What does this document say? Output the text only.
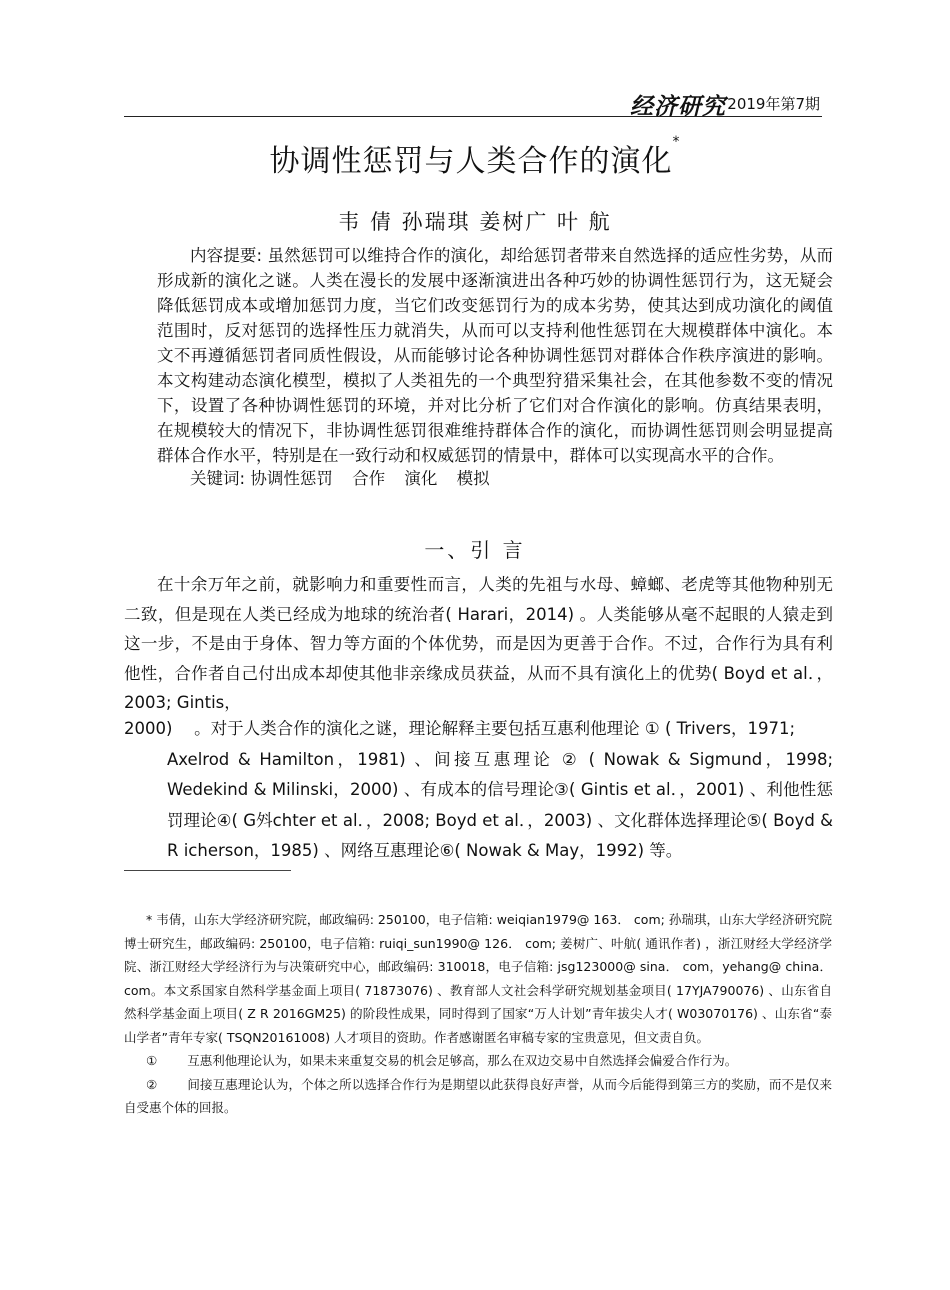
经济研究 2019年第7期
协调性惩罚与人类合作的演化*
韦 倩 孙瑞琪 姜树广 叶 航

内容提要: 虽然惩罚可以维持合作的演化，却给惩罚者带来自然选择的适应性劣势，从而形成新的演化之谜。人类在漫长的发展中逐渐演进出各种巧妙的协调性惩罚行为，这无疑会降低惩罚成本或增加惩罚力度，当它们改变惩罚行为的成本劣势，使其达到成功演化的阈值范围时，反对惩罚的选择性压力就消失，从而可以支持利他性惩罚在大规模群体中演化。本文不再遵循惩罚者同质性假设，从而能够讨论各种协调性惩罚对群体合作秩序演进的影响。本文构建动态演化模型，模拟了人类祖先的一个典型狩猎采集社会，在其他参数不变的情况下，设置了各种协调性惩罚的环境，并对比分析了它们对合作演化的影响。仿真结果表明，在规模较大的情况下，非协调性惩罚很难维持群体合作的演化，而协调性惩罚则会明显提高群体合作水平，特别是在一致行动和权威惩罚的情景中，群体可以实现高水平的合作。

关键词: 协调性惩罚 合作 演化 模拟
一、引 言

在十余万年之前，就影响力和重要性而言，人类的先祖与水母、蟑螂、老虎等其他物种别无二致，但是现在人类已经成为地球的统治者( Harari，2014) 。人类能够从毫不起眼的人猿走到这一步，不是由于身体、智力等方面的个体优势，而是因为更善于合作。不过，合作行为具有利他性，合作者自己付出成本却使其他非亲缘成员获益，从而不具有演化上的优势( Boyd et al．，2003; Gintis，

2000) 　。对于人类合作的演化之谜，理论解释主要包括互惠利他理论 ① ( Trivers，1971;
Axelrod & Hamilton，1981) 、间接互惠理论 ② ( Nowak & Sigmund，1998; Wedekind & Milinski，2000) 、有成本的信号理论③( Gintis et al．，2001) 、利他性惩罚理论④( G斘chter et al．，2008; Boyd et al．，2003) 、文化群体选择理论⑤( Boyd & R icherson，1985) 、网络互惠理论⑥( Nowak & May，1992) 等。

* 韦倩，山东大学经济研究院，邮政编码: 250100，电子信箱: weiqian1979@ 163． com; 孙瑞琪，山东大学经济研究院博士研究生，邮政编码: 250100，电子信箱: ruiqi_sun1990@ 126． com; 姜树广、叶航( 通讯作者) ，浙江财经大学经济学院、浙江财经大学经济行为与决策研究中心，邮政编码: 310018，电子信箱: jsg123000@ sina． com，yehang@ china． com。本文系国家自然科学基金面上项目( 71873076) 、教育部人文社会科学研究规划基金项目( 17YJA790076) 、山东省自然科学基金面上项目( Z R 2016GM25) 的阶段性成果，同时得到了国家“万人计划”青年拔尖人才( W03070176) 、山东省“泰山学者”青年专家( TSQN20161008) 人才项目的资助。作者感谢匿名审稿专家的宝贵意见，但文责自负。

① 互惠利他理论认为，如果未来重复交易的机会足够高，那么在双边交易中自然选择会偏爱合作行为。

② 间接互惠理论认为，个体之所以选择合作行为是期望以此获得良好声誉，从而今后能得到第三方的奖励，而不是仅来自受惠个体的回报。
